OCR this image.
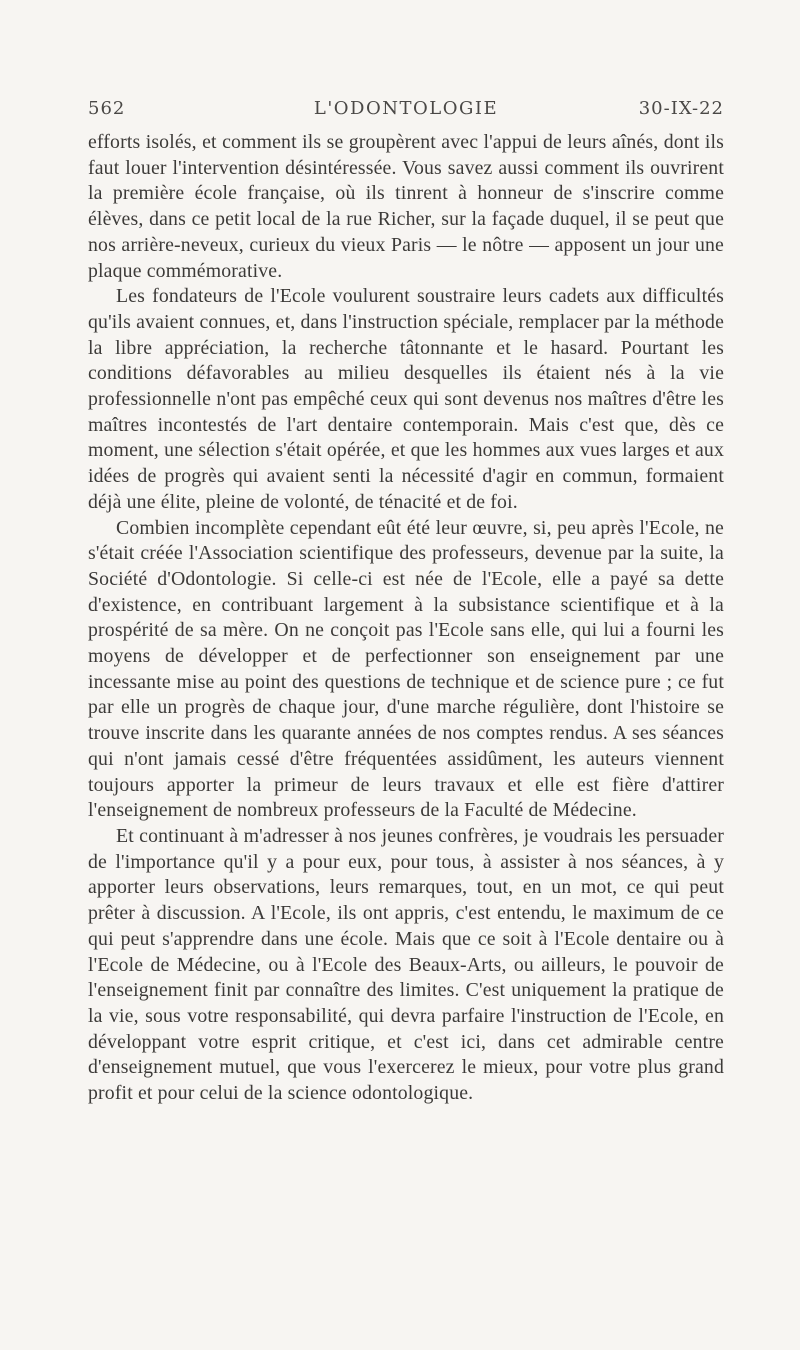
562	L'ODONTOLOGIE	30-IX-22

efforts isolés, et comment ils se groupèrent avec l'appui de leurs aînés, dont ils faut louer l'intervention désintéressée. Vous savez aussi comment ils ouvrirent la première école française, où ils tinrent à honneur de s'inscrire comme élèves, dans ce petit local de la rue Richer, sur la façade duquel, il se peut que nos arrière-neveux, curieux du vieux Paris — le nôtre — apposent un jour une plaque commémorative.

Les fondateurs de l'Ecole voulurent soustraire leurs cadets aux difficultés qu'ils avaient connues, et, dans l'instruction spéciale, remplacer par la méthode la libre appréciation, la recherche tâtonnante et le hasard. Pourtant les conditions défavorables au milieu desquelles ils étaient nés à la vie professionnelle n'ont pas empêché ceux qui sont devenus nos maîtres d'être les maîtres incontestés de l'art dentaire contemporain. Mais c'est que, dès ce moment, une sélection s'était opérée, et que les hommes aux vues larges et aux idées de progrès qui avaient senti la nécessité d'agir en commun, formaient déjà une élite, pleine de volonté, de ténacité et de foi.

Combien incomplète cependant eût été leur œuvre, si, peu après l'Ecole, ne s'était créée l'Association scientifique des professeurs, devenue par la suite, la Société d'Odontologie. Si celle-ci est née de l'Ecole, elle a payé sa dette d'existence, en contribuant largement à la subsistance scientifique et à la prospérité de sa mère. On ne conçoit pas l'Ecole sans elle, qui lui a fourni les moyens de développer et de perfectionner son enseignement par une incessante mise au point des questions de technique et de science pure ; ce fut par elle un progrès de chaque jour, d'une marche régulière, dont l'histoire se trouve inscrite dans les quarante années de nos comptes rendus. A ses séances qui n'ont jamais cessé d'être fréquentées assidûment, les auteurs viennent toujours apporter la primeur de leurs travaux et elle est fière d'attirer l'enseignement de nombreux professeurs de la Faculté de Médecine.

Et continuant à m'adresser à nos jeunes confrères, je voudrais les persuader de l'importance qu'il y a pour eux, pour tous, à assister à nos séances, à y apporter leurs observations, leurs remarques, tout, en un mot, ce qui peut prêter à discussion. A l'Ecole, ils ont appris, c'est entendu, le maximum de ce qui peut s'apprendre dans une école. Mais que ce soit à l'Ecole dentaire ou à l'Ecole de Médecine, ou à l'Ecole des Beaux-Arts, ou ailleurs, le pouvoir de l'enseignement finit par connaître des limites. C'est uniquement la pratique de la vie, sous votre responsabilité, qui devra parfaire l'instruction de l'Ecole, en développant votre esprit critique, et c'est ici, dans cet admirable centre d'enseignement mutuel, que vous l'exercerez le mieux, pour votre plus grand profit et pour celui de la science odontologique.
